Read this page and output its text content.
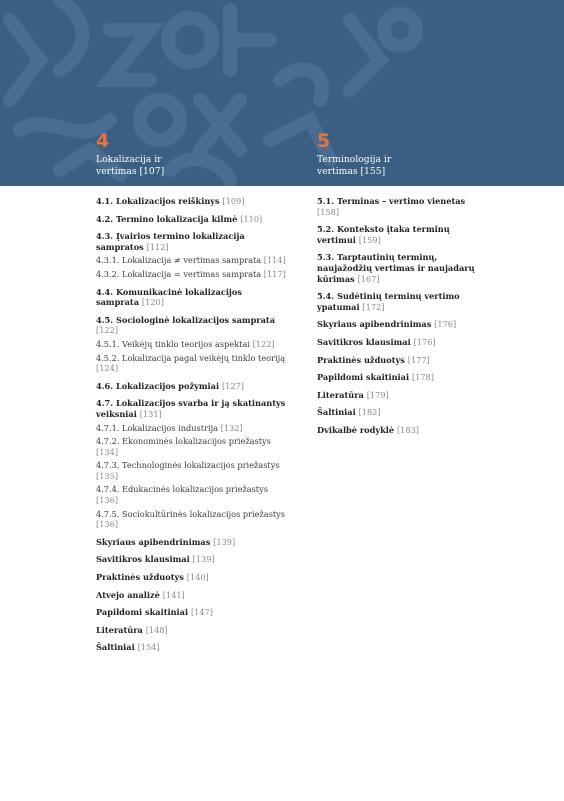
4
Lokalizacija ir vertimas [107]
5
Terminologija ir vertimas [155]
4.1. Lokalizacijos reiškinys [109]
4.2. Termino lokalizacija kilmė [110]
4.3. Įvairios termino lokalizacija sampratos [112]
4.3.1. Lokalizacija ≠ vertimas samprata [114]
4.3.2. Lokalizacija = vertimas samprata [117]
4.4. Komunikacinė lokalizacijos samprata [120]
4.5. Sociologinė lokalizacijos samprata [122]
4.5.1. Veikėjų tinklo teorijos aspektai [122]
4.5.2. Lokalizacija pagal veikėjų tinklo teoriją [124]
4.6. Lokalizacijos požymiai [127]
4.7. Lokalizacijos svarba ir ją skatinantys veiksniai [131]
4.7.1. Lokalizacijos industrija [132]
4.7.2. Ekonominės lokalizacijos priežastys [134]
4.7.3. Technologinės lokalizacijos priežastys [135]
4.7.4. Edukacinės lokalizacijos priežastys [136]
4.7.5. Sociokultūrinės lokalizacijos priežastys [136]
Skyriaus apibendrinimas [139]
Savitikros klausimai [139]
Praktinės užduotys [140]
Atvejo analizė [141]
Papildomi skaitiniai [147]
Literatūra [148]
Šaltiniai [154]
5.1. Terminas – vertimo vienetas [158]
5.2. Konteksto įtaka terminų vertimui [159]
5.3. Tarptautinių terminų, naujažodžių vertimas ir naujadarų kūrimas [167]
5.4. Sudėtinių terminų vertimo ypatumai [172]
Skyriaus apibendrinimas [176]
Savitikros klausimai [176]
Praktinės užduotys [177]
Papildomi skaitiniai [178]
Literatūra [179]
Šaltiniai [182]
Dvikalbė rodyklė [183]
